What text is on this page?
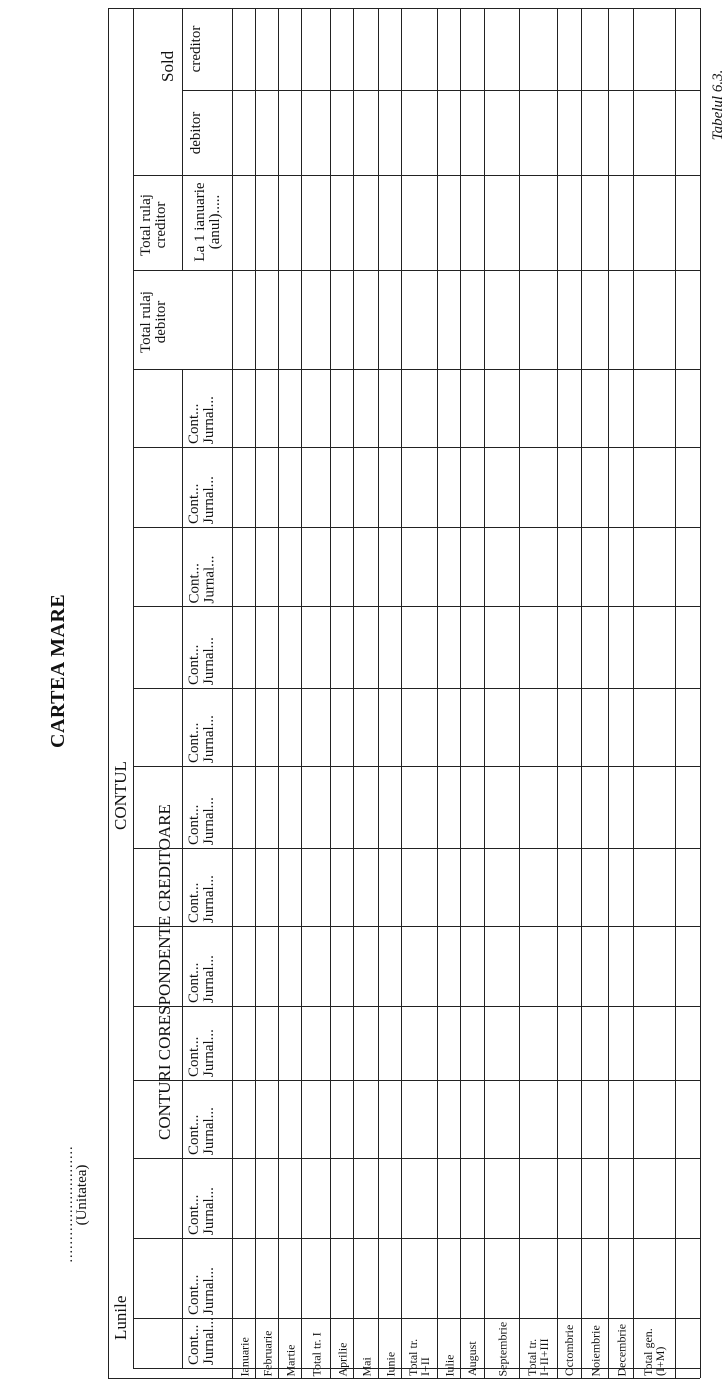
Tabelul 6.3.
CARTEA MARE
..........................
(Unitatea)
Lunile
CONTUL
CONTURI CORESPONDENTE CREDITOARE
Cont... Jurnal...
Cont... Jurnal...
Cont... Jurnal...
Cont... Jurnal...
Cont... Jurnal...
Cont... Jurnal...
Cont... Jurnal...
Cont... Jurnal...
Cont... Jurnal...
Cont... Jurnal...
Cont... Jurnal...
Cont... Jurnal...
Cont... Jurnal...
Total rulaj debitor
Total rulaj creditor La 1 ianuarie (anul).....
Sold
debitor
creditor
Ianuarie Februarie Martie Total tr. I Aprilie Mai Iunie Total tr.
I+II Iulie August Septembrie Total tr.
I+II+III Octombrie Noiembrie Decembrie Total gen.
(I+M)
